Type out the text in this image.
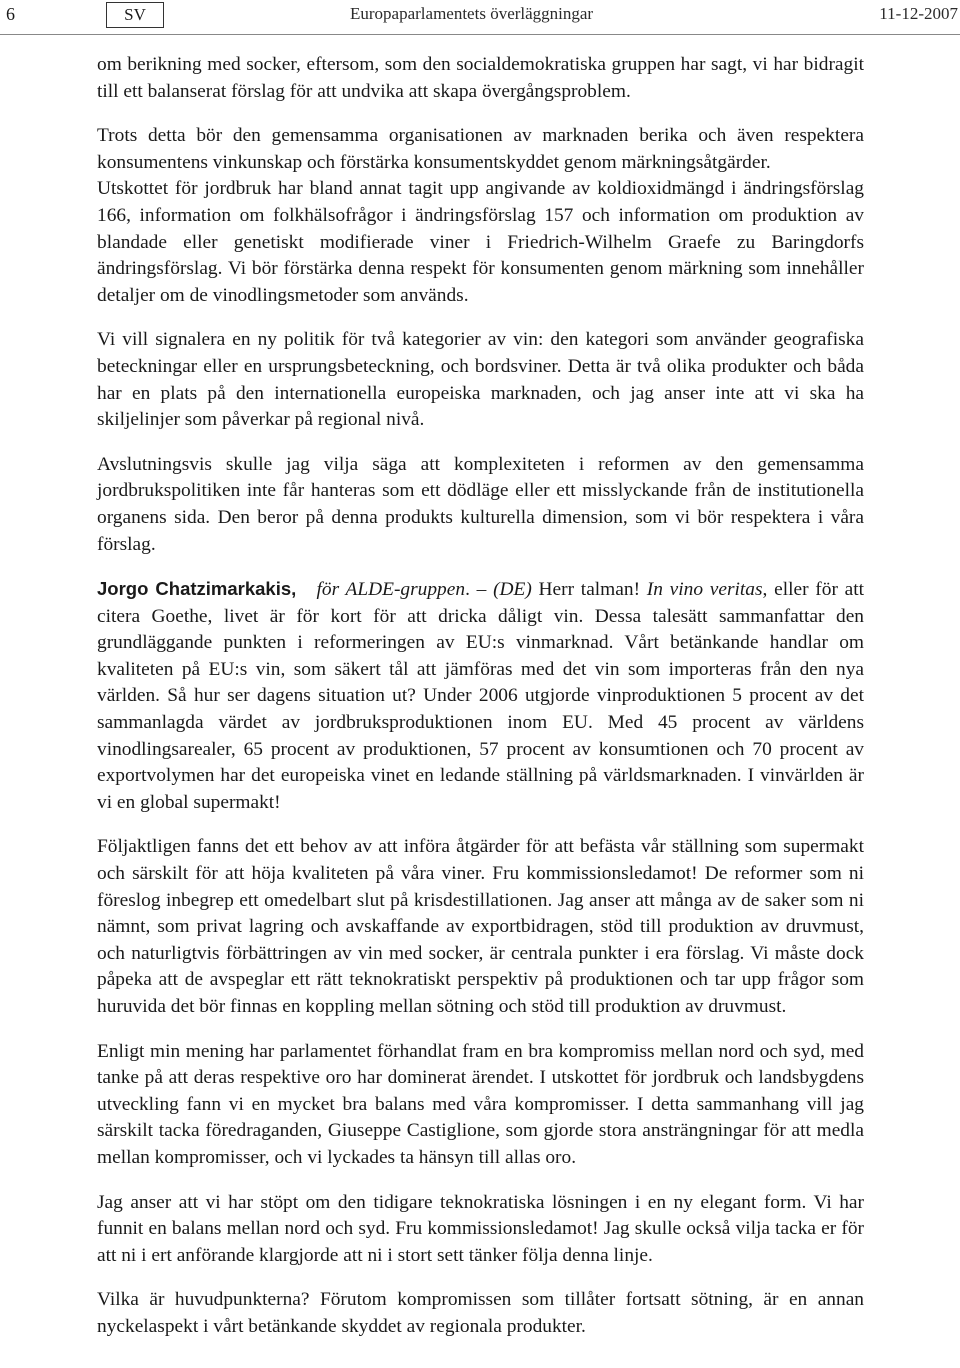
6	SV	Europaparlamentets överläggningar	11-12-2007

om berikning med socker, eftersom, som den socialdemokratiska gruppen har sagt, vi har bidragit till ett balanserat förslag för att undvika att skapa övergångsproblem.

Trots detta bör den gemensamma organisationen av marknaden berika och även respektera konsumentens vinkunskap och förstärka konsumentskyddet genom märkningsåtgärder.

Utskottet för jordbruk har bland annat tagit upp angivande av koldioxidmängd i ändringsförslag 166, information om folkhälsofrågor i ändringsförslag 157 och information om produktion av blandade eller genetiskt modifierade viner i Friedrich-Wilhelm Graefe zu Baringdorfs ändringsförslag. Vi bör förstärka denna respekt för konsumenten genom märkning som innehåller detaljer om de vinodlingsmetoder som används.

Vi vill signalera en ny politik för två kategorier av vin: den kategori som använder geografiska beteckningar eller en ursprungsbeteckning, och bordsviner. Detta är två olika produkter och båda har en plats på den internationella europeiska marknaden, och jag anser inte att vi ska ha skiljelinjer som påverkar på regional nivå.

Avslutningsvis skulle jag vilja säga att komplexiteten i reformen av den gemensamma jordbrukspolitiken inte får hanteras som ett dödläge eller ett misslyckande från de institutionella organens sida. Den beror på denna produkts kulturella dimension, som vi bör respektera i våra förslag.

Jorgo Chatzimarkakis, för ALDE-gruppen. – (DE) Herr talman! In vino veritas, eller för att citera Goethe, livet är för kort för att dricka dåligt vin. Dessa talesätt sammanfattar den grundläggande punkten i reformeringen av EU:s vinmarknad. Vårt betänkande handlar om kvaliteten på EU:s vin, som säkert tål att jämföras med det vin som importeras från den nya världen. Så hur ser dagens situation ut? Under 2006 utgjorde vinproduktionen 5 procent av det sammanlagda värdet av jordbruksproduktionen inom EU. Med 45 procent av världens vinodlingsarealer, 65 procent av produktionen, 57 procent av konsumtionen och 70 procent av exportvolymen har det europeiska vinet en ledande ställning på världsmarknaden. I vinvärlden är vi en global supermakt!

Följaktligen fanns det ett behov av att införa åtgärder för att befästa vår ställning som supermakt och särskilt för att höja kvaliteten på våra viner. Fru kommissionsledamot! De reformer som ni föreslog inbegrep ett omedelbart slut på krisdestillationen. Jag anser att många av de saker som ni nämnt, som privat lagring och avskaffande av exportbidragen, stöd till produktion av druvmust, och naturligtvis förbättringen av vin med socker, är centrala punkter i era förslag. Vi måste dock påpeka att de avspeglar ett rätt teknokratiskt perspektiv på produktionen och tar upp frågor som huruvida det bör finnas en koppling mellan sötning och stöd till produktion av druvmust.

Enligt min mening har parlamentet förhandlat fram en bra kompromiss mellan nord och syd, med tanke på att deras respektive oro har dominerat ärendet. I utskottet för jordbruk och landsbygdens utveckling fann vi en mycket bra balans med våra kompromisser. I detta sammanhang vill jag särskilt tacka föredraganden, Giuseppe Castiglione, som gjorde stora ansträngningar för att medla mellan kompromisser, och vi lyckades ta hänsyn till allas oro.

Jag anser att vi har stöpt om den tidigare teknokratiska lösningen i en ny elegant form. Vi har funnit en balans mellan nord och syd. Fru kommissionsledamot! Jag skulle också vilja tacka er för att ni i ert anförande klargjorde att ni i stort sett tänker följa denna linje.

Vilka är huvudpunkterna? Förutom kompromissen som tillåter fortsatt sötning, är en annan nyckelaspekt i vårt betänkande skyddet av regionala produkter.
